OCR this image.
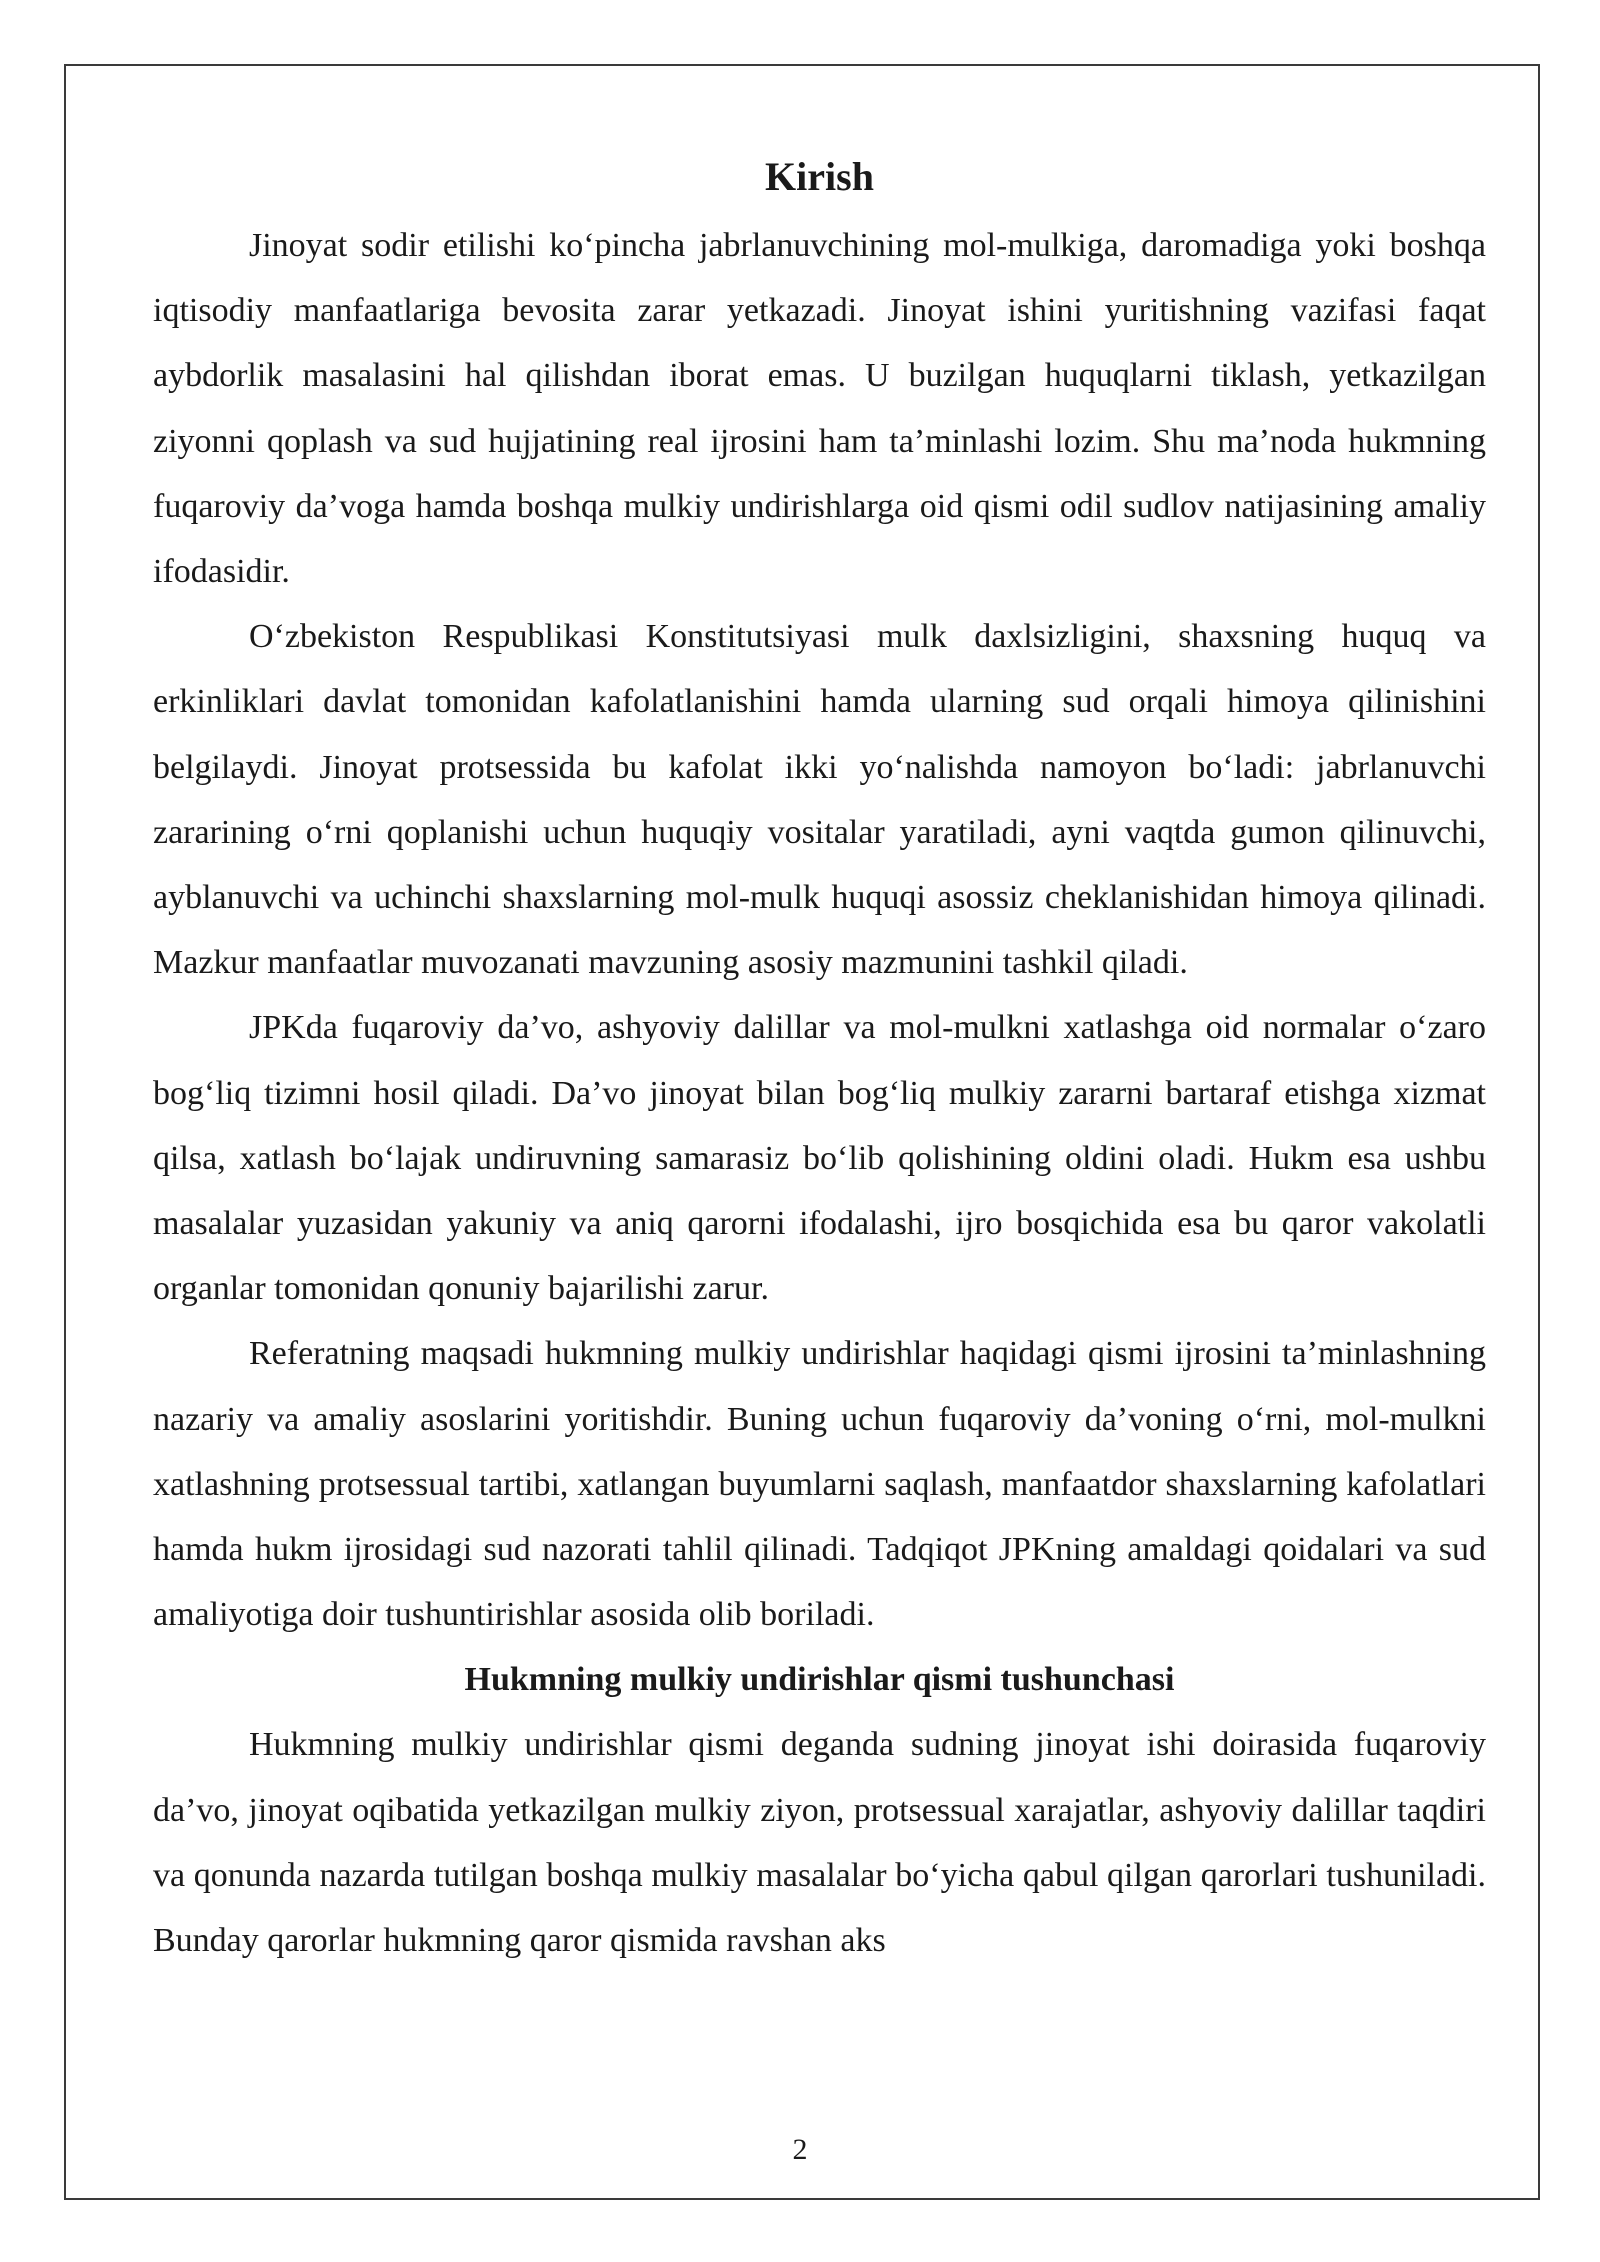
Kirish

Jinoyat sodir etilishi ko‘pincha jabrlanuvchining mol-mulkiga, daromadiga yoki boshqa iqtisodiy manfaatlariga bevosita zarar yetkazadi. Jinoyat ishini yuritishning vazifasi faqat aybdorlik masalasini hal qilishdan iborat emas. U buzilgan huquqlarni tiklash, yetkazilgan ziyonni qoplash va sud hujjatining real ijrosini ham ta’minlashi lozim. Shu ma’noda hukmning fuqaroviy da’voga hamda boshqa mulkiy undirishlarga oid qismi odil sudlov natijasining amaliy ifodasidir.

O‘zbekiston Respublikasi Konstitutsiyasi mulk daxlsizligini, shaxsning huquq va erkinliklari davlat tomonidan kafolatlanishini hamda ularning sud orqali himoya qilinishini belgilaydi. Jinoyat protsessida bu kafolat ikki yo‘nalishda namoyon bo‘ladi: jabrlanuvchi zararining o‘rni qoplanishi uchun huquqiy vositalar yaratiladi, ayni vaqtda gumon qilinuvchi, ayblanuvchi va uchinchi shaxslarning mol-mulk huquqi asossiz cheklanishidan himoya qilinadi. Mazkur manfaatlar muvozanati mavzuning asosiy mazmunini tashkil qiladi.

JPKda fuqaroviy da’vo, ashyoviy dalillar va mol-mulkni xatlashga oid normalar o‘zaro bog‘liq tizimni hosil qiladi. Da’vo jinoyat bilan bog‘liq mulkiy zararni bartaraf etishga xizmat qilsa, xatlash bo‘lajak undiruvning samarasiz bo‘lib qolishining oldini oladi. Hukm esa ushbu masalalar yuzasidan yakuniy va aniq qarorni ifodalashi, ijro bosqichida esa bu qaror vakolatli organlar tomonidan qonuniy bajarilishi zarur.

Referatning maqsadi hukmning mulkiy undirishlar haqidagi qismi ijrosini ta’minlashning nazariy va amaliy asoslarini yoritishdir. Buning uchun fuqaroviy da’voning o‘rni, mol-mulkni xatlashning protsessual tartibi, xatlangan buyumlarni saqlash, manfaatdor shaxslarning kafolatlari hamda hukm ijrosidagi sud nazorati tahlil qilinadi. Tadqiqot JPKning amaldagi qoidalari va sud amaliyotiga doir tushuntirishlar asosida olib boriladi.

Hukmning mulkiy undirishlar qismi tushunchasi

Hukmning mulkiy undirishlar qismi deganda sudning jinoyat ishi doirasida fuqaroviy da’vo, jinoyat oqibatida yetkazilgan mulkiy ziyon, protsessual xarajatlar, ashyoviy dalillar taqdiri va qonunda nazarda tutilgan boshqa mulkiy masalalar bo‘yicha qabul qilgan qarorlari tushuniladi. Bunday qarorlar hukmning qaror qismida ravshan aks

2
